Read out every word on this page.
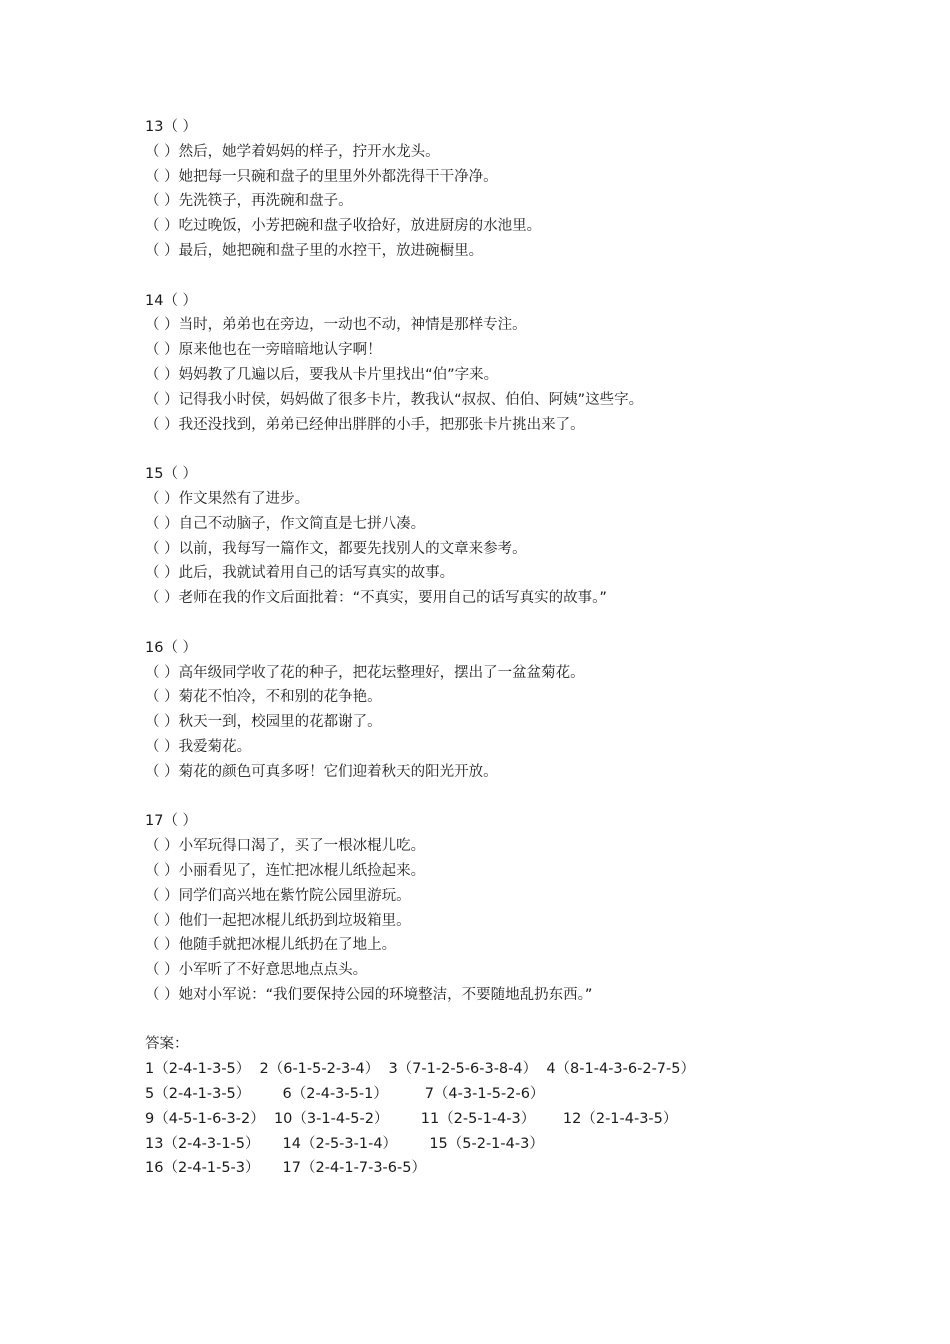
13（ ）
（ ）然后，她学着妈妈的样子，拧开水龙头。
（ ）她把每一只碗和盘子的里里外外都洗得干干净净。
（ ）先洗筷子，再洗碗和盘子。
（ ）吃过晚饭，小芳把碗和盘子收拾好，放进厨房的水池里。
（ ）最后，她把碗和盘子里的水控干，放进碗橱里。
14（ ）
（ ）当时，弟弟也在旁边，一动也不动，神情是那样专注。
（ ）原来他也在一旁暗暗地认字啊！
（ ）妈妈教了几遍以后，要我从卡片里找出“伯”字来。
（ ）记得我小时侯，妈妈做了很多卡片，教我认“叔叔、伯伯、阿姨”这些字。
（ ）我还没找到，弟弟已经伸出胖胖的小手，把那张卡片挑出来了。
15（ ）
（ ）作文果然有了进步。
（ ）自己不动脑子，作文简直是七拼八凑。
（ ）以前，我每写一篇作文，都要先找别人的文章来参考。
（ ）此后，我就试着用自己的话写真实的故事。
（ ）老师在我的作文后面批着：“不真实，要用自己的话写真实的故事。”
16（ ）
（ ）高年级同学收了花的种子，把花坛整理好，摆出了一盆盆菊花。
（ ）菊花不怕冷，不和别的花争艳。
（ ）秋天一到，校园里的花都谢了。
（ ）我爱菊花。
（ ）菊花的颜色可真多呀！它们迎着秋天的阳光开放。
17（ ）
（ ）小军玩得口渴了，买了一根冰棍儿吃。
（ ）小丽看见了，连忙把冰棍儿纸捡起来。
（ ）同学们高兴地在紫竹院公园里游玩。
（ ）他们一起把冰棍儿纸扔到垃圾箱里。
（ ）他随手就把冰棍儿纸扔在了地上。
（ ）小军听了不好意思地点点头。
（ ）她对小军说：“我们要保持公园的环境整洁，不要随地乱扔东西。”
答案：
1（2-4-1-3-5）  2（6-1-5-2-3-4）  3（7-1-2-5-6-3-8-4）  4（8-1-4-3-6-2-7-5）
5（2-4-1-3-5）       6（2-4-3-5-1）        7（4-3-1-5-2-6）
9（4-5-1-6-3-2）  10（3-1-4-5-2）       11（2-5-1-4-3）      12（2-1-4-3-5）
13（2-4-3-1-5）     14（2-5-3-1-4）       15（5-2-1-4-3）
16（2-4-1-5-3）     17（2-4-1-7-3-6-5）
